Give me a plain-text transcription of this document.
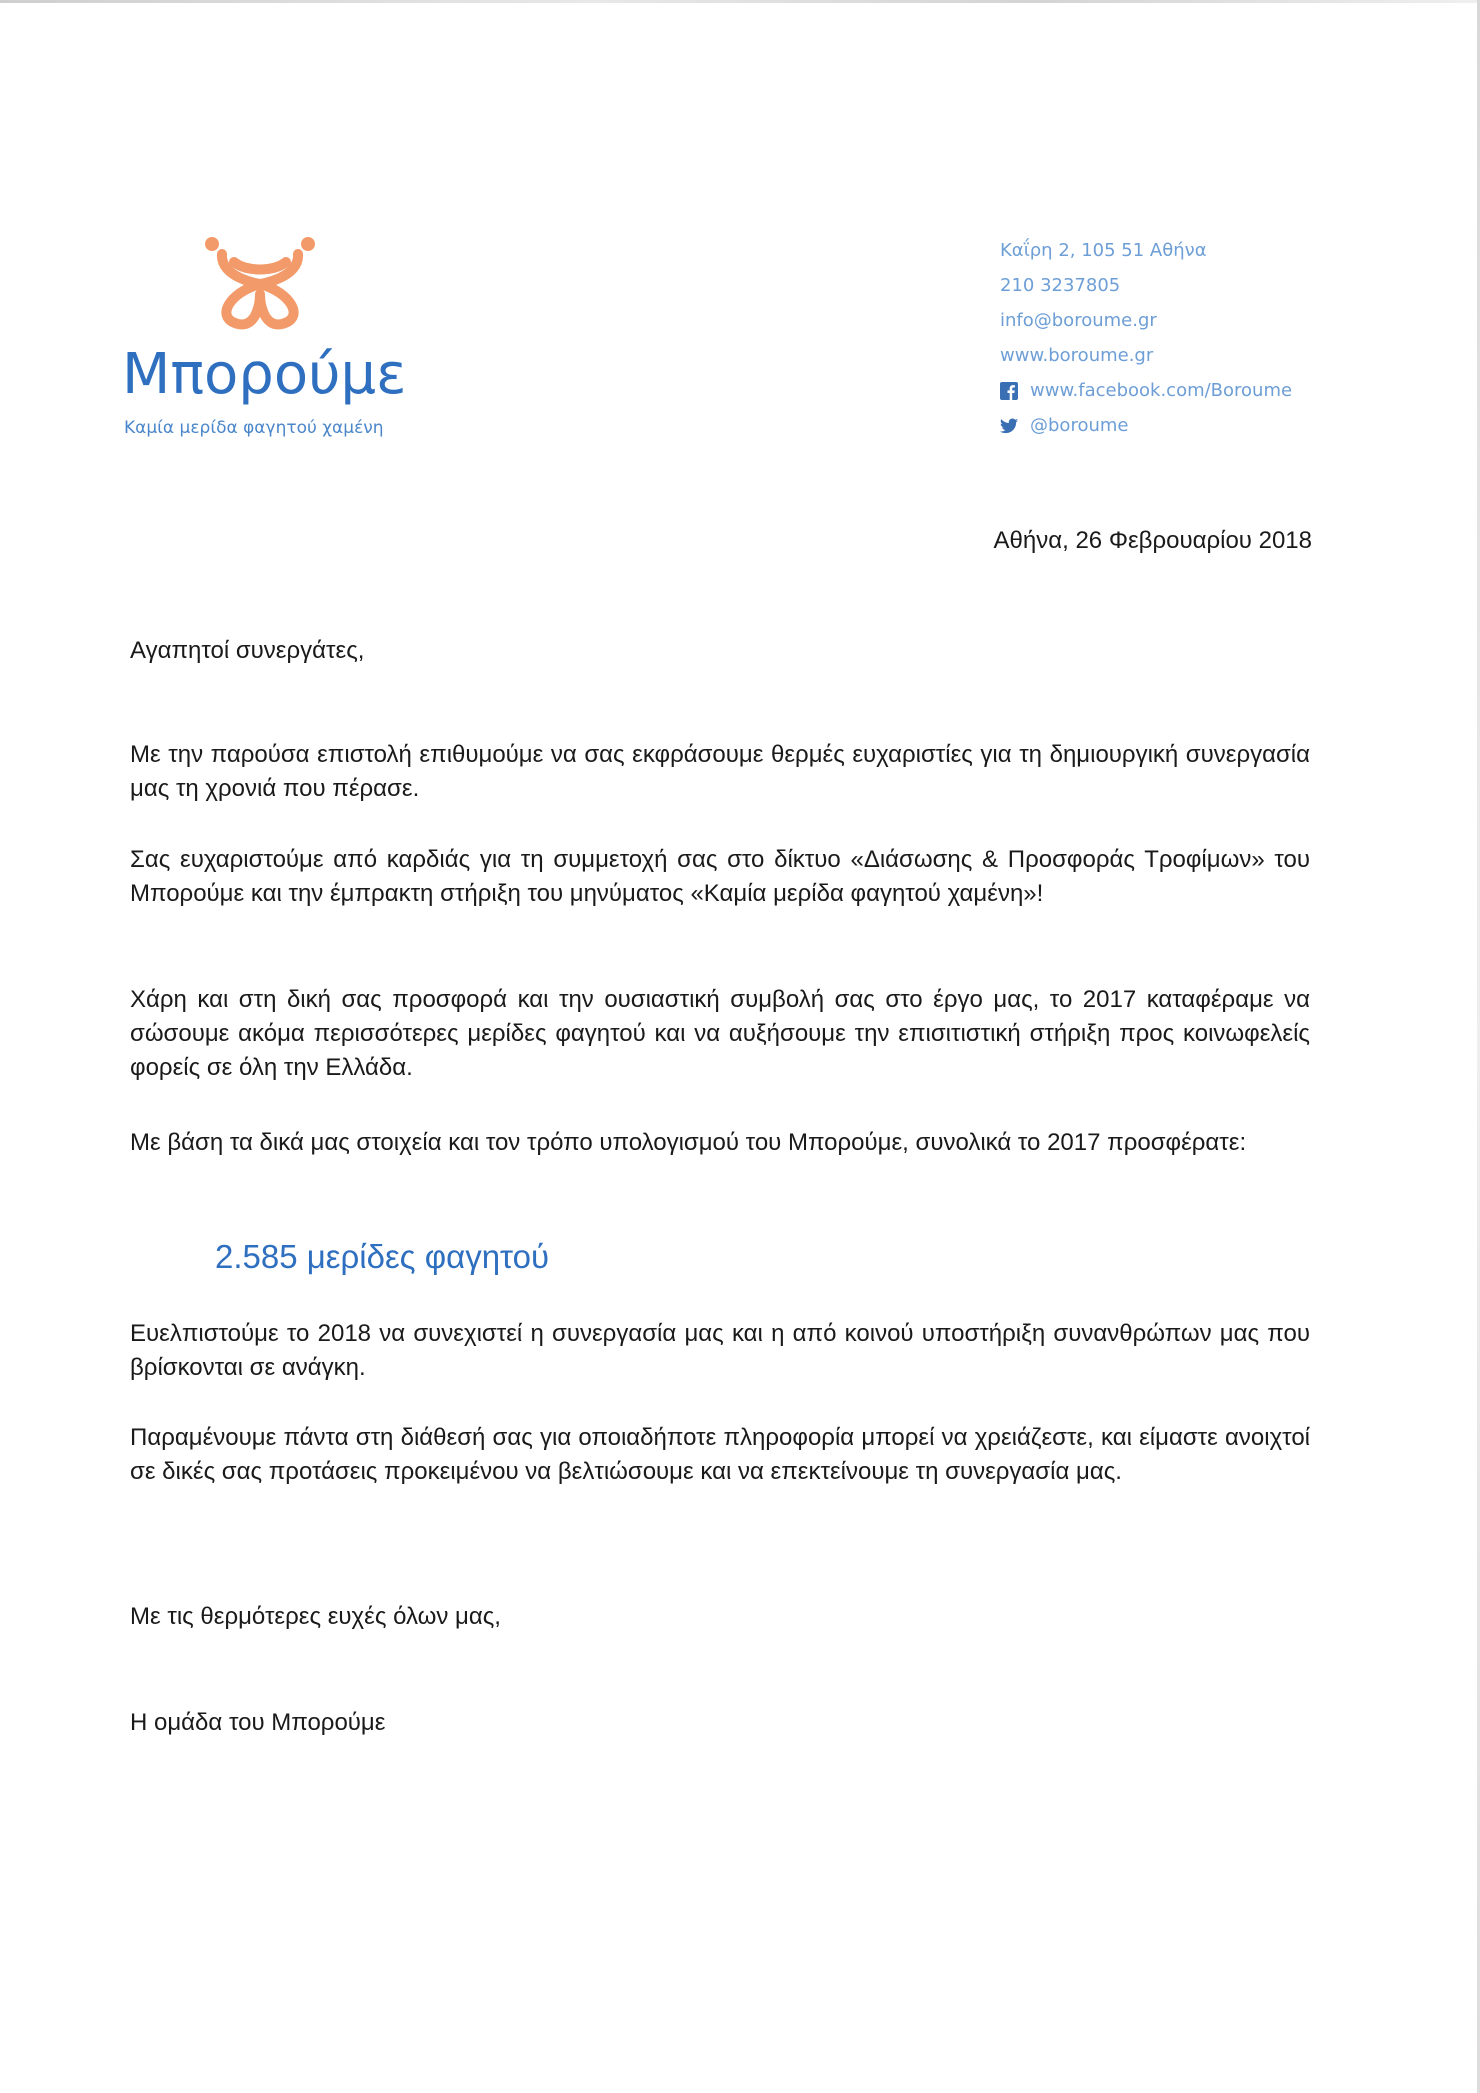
Μπορούμε
Καμία μερίδα φαγητού χαμένη
Καΐρη 2, 105 51 Αθήνα
210 3237805
info@boroume.gr
www.boroume.gr
www.facebook.com/Boroume
@boroume
Αθήνα, 26 Φεβρουαρίου 2018
Αγαπητοί συνεργάτες,

Με την παρούσα επιστολή επιθυμούμε να σας εκφράσουμε θερμές ευχαριστίες για τη δημιουργική συνεργασία μας τη χρονιά που πέρασε.

Σας ευχαριστούμε από καρδιάς για τη συμμετοχή σας στο δίκτυο «Διάσωσης & Προσφοράς Τροφίμων» του Μπορούμε και την έμπρακτη στήριξη του μηνύματος «Καμία μερίδα φαγητού χαμένη»!

Χάρη και στη δική σας προσφορά και την ουσιαστική συμβολή σας στο έργο μας, το 2017 καταφέραμε να σώσουμε ακόμα περισσότερες μερίδες φαγητού και να αυξήσουμε την επισιτιστική στήριξη προς κοινωφελείς φορείς σε όλη την Ελλάδα.

Με βάση τα δικά μας στοιχεία και τον τρόπο υπολογισμού του Μπορούμε, συνολικά το 2017 προσφέρατε:

2.585 μερίδες φαγητού

Ευελπιστούμε το 2018 να συνεχιστεί η συνεργασία μας και η από κοινού υποστήριξη συνανθρώπων μας που βρίσκονται σε ανάγκη.

Παραμένουμε πάντα στη διάθεσή σας για οποιαδήποτε πληροφορία μπορεί να χρειάζεστε, και είμαστε ανοιχτοί σε δικές σας προτάσεις προκειμένου να βελτιώσουμε και να επεκτείνουμε τη συνεργασία μας.

Με τις θερμότερες ευχές όλων μας,
Η ομάδα του Μπορούμε
